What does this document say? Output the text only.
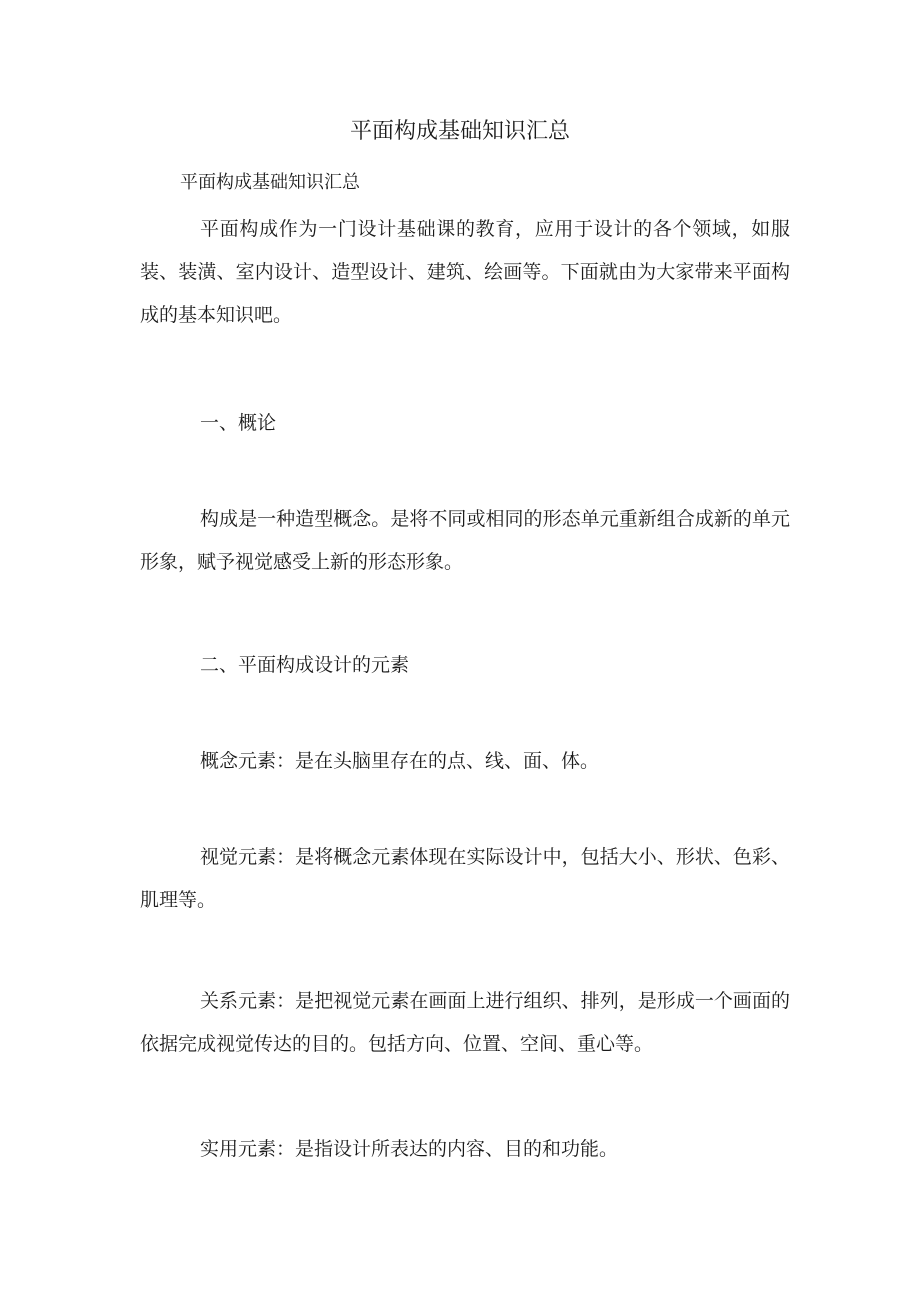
平面构成基础知识汇总

平面构成基础知识汇总

平面构成作为一门设计基础课的教育，应用于设计的各个领域，如服装、装潢、室内设计、造型设计、建筑、绘画等。下面就由为大家带来平面构成的基本知识吧。

一、概论

构成是一种造型概念。是将不同或相同的形态单元重新组合成新的单元形象，赋予视觉感受上新的形态形象。

二、平面构成设计的元素

概念元素：是在头脑里存在的点、线、面、体。

视觉元素：是将概念元素体现在实际设计中，包括大小、形状、色彩、肌理等。

关系元素：是把视觉元素在画面上进行组织、排列，是形成一个画面的依据完成视觉传达的目的。包括方向、位置、空间、重心等。

实用元素：是指设计所表达的内容、目的和功能。
